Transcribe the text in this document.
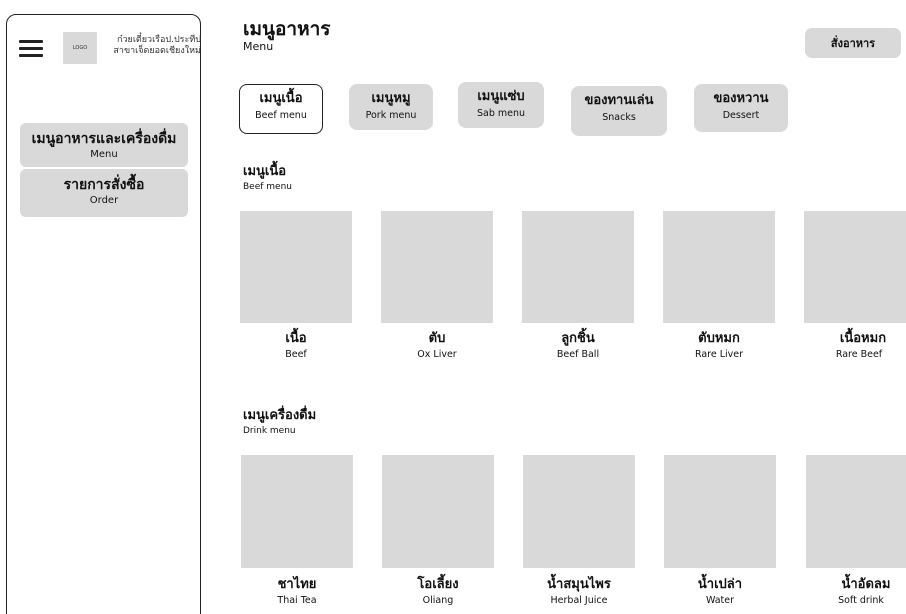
LOGO
ก๋วยเตี๋ยวเรือป.ประทีป
สาขาเจ็ดยอดเชียงใหม่
เมนูอาหารและเครื่องดื่ม
Menu
รายการสั่งซื้อ
Order
เมนูอาหาร
Menu	สั่งอาหาร
เมนูเนื้อ
Beef menu
เมนูหมู
Pork menu
เมนูแซ่บ
Sab menu
ของทานเล่น
Snacks
ของหวาน
Dessert
เมนูเนื้อ
Beef menu
เนื้อ
Beef
ตับ
Ox Liver
ลูกชิ้น
Beef Ball
ตับหมก
Rare Liver
เนื้อหมก
Rare Beef
เมนูเครื่องดื่ม
Drink menu
ชาไทย
Thai Tea
โอเลี้ยง
Oliang
น้ำสมุนไพร
Herbal Juice
น้ำเปล่า
Water
น้ำอัดลม
Soft drink
